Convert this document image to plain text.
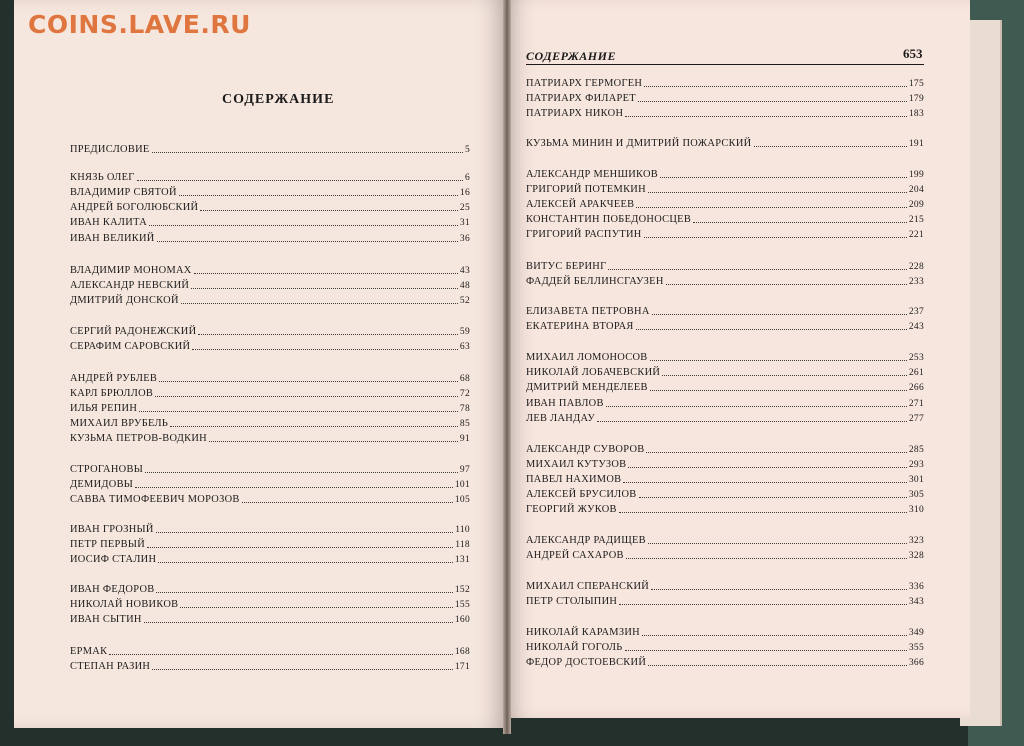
COINS.LAVE.RU
СОДЕРЖАНИЕ
СОДЕРЖАНИЕ	653
ПРЕДИСЛОВИЕ	5
КНЯЗЬ ОЛЕГ	6
ВЛАДИМИР СВЯТОЙ	16
АНДРЕЙ БОГОЛЮБСКИЙ	25
ИВАН КАЛИТА	31
ИВАН ВЕЛИКИЙ	36
ВЛАДИМИР МОНОМАХ	43
АЛЕКСАНДР НЕВСКИЙ	48
ДМИТРИЙ ДОНСКОЙ	52
СЕРГИЙ РАДОНЕЖСКИЙ	59
СЕРАФИМ САРОВСКИЙ	63
АНДРЕЙ РУБЛЕВ	68
КАРЛ БРЮЛЛОВ	72
ИЛЬЯ РЕПИН	78
МИХАИЛ ВРУБЕЛЬ	85
КУЗЬМА ПЕТРОВ-ВОДКИН	91
СТРОГАНОВЫ	97
ДЕМИДОВЫ	101
САВВА ТИМОФЕЕВИЧ МОРОЗОВ	105
ИВАН ГРОЗНЫЙ	110
ПЕТР ПЕРВЫЙ	118
ИОСИФ СТАЛИН	131
ИВАН ФЕДОРОВ	152
НИКОЛАЙ НОВИКОВ	155
ИВАН СЫТИН	160
ЕРМАК	168
СТЕПАН РАЗИН	171
ПАТРИАРХ ГЕРМОГЕН	175
ПАТРИАРХ ФИЛАРЕТ	179
ПАТРИАРХ НИКОН	183
КУЗЬМА МИНИН И ДМИТРИЙ ПОЖАРСКИЙ	191
АЛЕКСАНДР МЕНШИКОВ	199
ГРИГОРИЙ ПОТЕМКИН	204
АЛЕКСЕЙ АРАКЧЕЕВ	209
КОНСТАНТИН ПОБЕДОНОСЦЕВ	215
ГРИГОРИЙ РАСПУТИН	221
ВИТУС БЕРИНГ	228
ФАДДЕЙ БЕЛЛИНСГАУЗЕН	233
ЕЛИЗАВЕТА ПЕТРОВНА	237
ЕКАТЕРИНА ВТОРАЯ	243
МИХАИЛ ЛОМОНОСОВ	253
НИКОЛАЙ ЛОБАЧЕВСКИЙ	261
ДМИТРИЙ МЕНДЕЛЕЕВ	266
ИВАН ПАВЛОВ	271
ЛЕВ ЛАНДАУ	277
АЛЕКСАНДР СУВОРОВ	285
МИХАИЛ КУТУЗОВ	293
ПАВЕЛ НАХИМОВ	301
АЛЕКСЕЙ БРУСИЛОВ	305
ГЕОРГИЙ ЖУКОВ	310
АЛЕКСАНДР РАДИЩЕВ	323
АНДРЕЙ САХАРОВ	328
МИХАИЛ СПЕРАНСКИЙ	336
ПЕТР СТОЛЫПИН	343
НИКОЛАЙ КАРАМЗИН	349
НИКОЛАЙ ГОГОЛЬ	355
ФЕДОР ДОСТОЕВСКИЙ	366
